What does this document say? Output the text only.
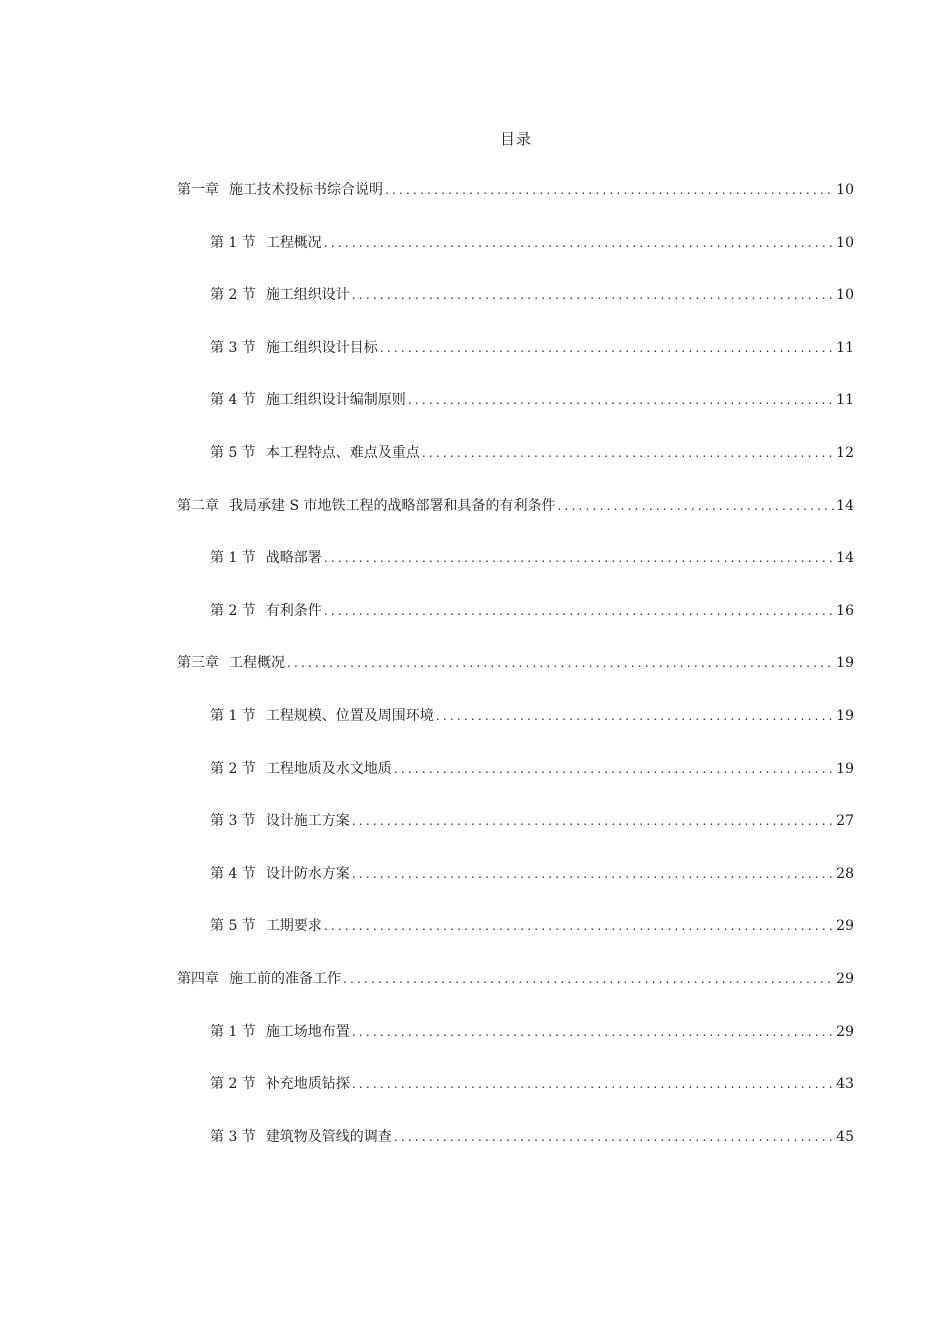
目录
第一章 施工技术投标书综合说明 .....	10
第 1 节 工程概况 .....	10
第 2 节 施工组织设计 .....	10
第 3 节 施工组织设计目标 .....	11
第 4 节 施工组织设计编制原则 .....	11
第 5 节 本工程特点、难点及重点 .....	12
第二章 我局承建 S 市地铁工程的战略部署和具备的有利条件 .....	14
第 1 节 战略部署 .....	14
第 2 节 有利条件 .....	16
第三章 工程概况 .....	19
第 1 节 工程规模、位置及周围环境 .....	19
第 2 节 工程地质及水文地质 .....	19
第 3 节 设计施工方案 .....	27
第 4 节 设计防水方案 .....	28
第 5 节 工期要求 .....	29
第四章 施工前的准备工作 .....	29
第 1 节 施工场地布置 .....	29
第 2 节 补充地质钻探 .....	43
第 3 节 建筑物及管线的调查 .....	45
